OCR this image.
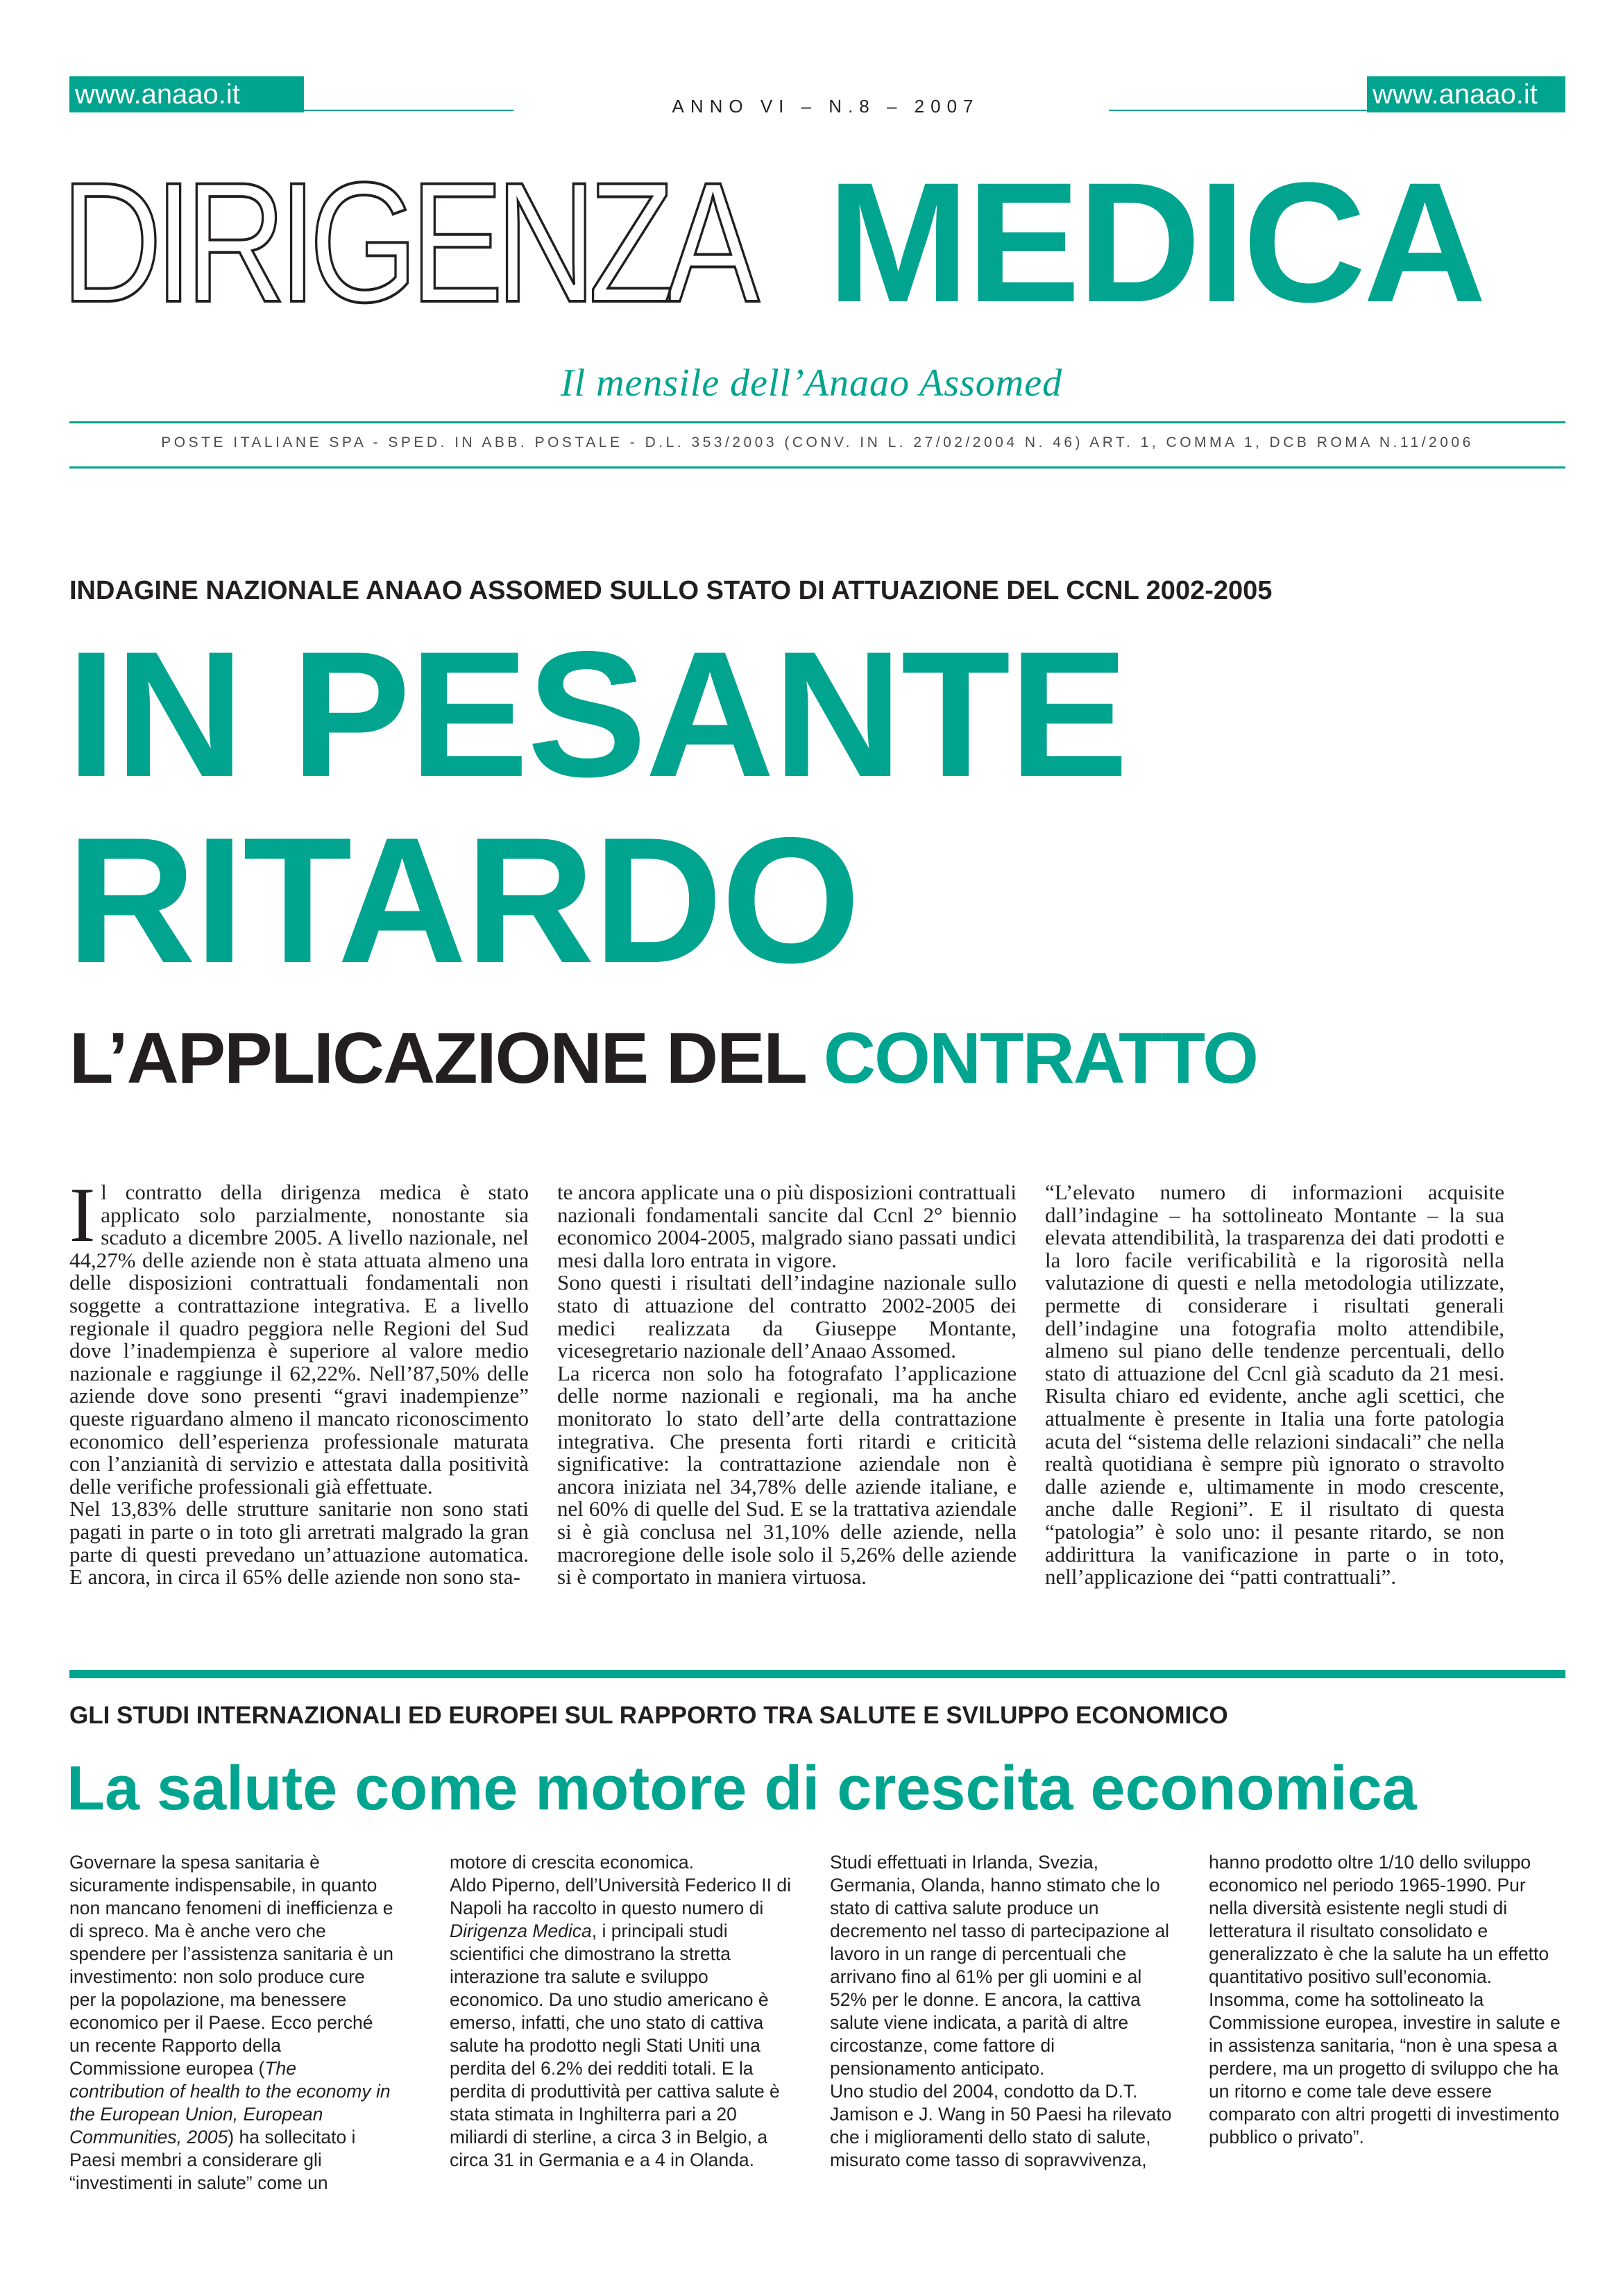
www.anaao.it	ANNO VI – N.8 – 2007	www.anaao.it
DIRIGENZA MEDICA
Il mensile dell’Anaao Assomed
POSTE ITALIANE SPA - SPED. IN ABB. POSTALE - D.L. 353/2003 (CONV. IN L. 27/02/2004 N. 46) ART. 1, COMMA 1, DCB ROMA N.11/2006
INDAGINE NAZIONALE ANAAO ASSOMED SULLO STATO DI ATTUAZIONE DEL CCNL 2002-2005
IN PESANTE
RITARDO
L’APPLICAZIONE DEL CONTRATTO
I l contratto della dirigenza medica è stato applicato solo parzialmente, nonostante sia scaduto a dicembre 2005. A livello nazionale, nel 44,27% delle aziende non è stata attuata almeno una delle disposizioni contrattuali fondamentali non soggette a contrattazione integrativa. E a livello regionale il quadro peggiora nelle Regioni del Sud dove l’inadempienza è superiore al valore medio nazionale e raggiunge il 62,22%. Nell’87,50% delle aziende dove sono presenti “gravi inadempienze” queste riguardano almeno il mancato riconoscimento economico dell’esperienza professionale maturata con l’anzianità di servizio e attestata dalla positività delle verifiche professionali già effettuate.

Nel 13,83% delle strutture sanitarie non sono stati pagati in parte o in toto gli arretrati malgrado la gran parte di questi prevedano un’attuazione automatica. E ancora, in circa il 65% delle aziende non sono sta-

te ancora applicate una o più disposizioni contrattuali nazionali fondamentali sancite dal Ccnl 2° biennio economico 2004-2005, malgrado siano passati undici mesi dalla loro entrata in vigore.

Sono questi i risultati dell’indagine nazionale sullo stato di attuazione del contratto 2002-2005 dei medici realizzata da Giuseppe Montante, vicesegretario nazionale dell’Anaao Assomed.

La ricerca non solo ha fotografato l’applicazione delle norme nazionali e regionali, ma ha anche monitorato lo stato dell’arte della contrattazione integrativa. Che presenta forti ritardi e criticità significative: la contrattazione aziendale non è ancora iniziata nel 34,78% delle aziende italiane, e nel 60% di quelle del Sud. E se la trattativa aziendale si è già conclusa nel 31,10% delle aziende, nella macroregione delle isole solo il 5,26% delle aziende si è comportato in maniera virtuosa.

“L’elevato numero di informazioni acquisite dall’indagine – ha sottolineato Montante – la sua elevata attendibilità, la trasparenza dei dati prodotti e la loro facile verificabilità e la rigorosità nella valutazione di questi e nella metodologia utilizzate, permette di considerare i risultati generali dell’indagine una fotografia molto attendibile, almeno sul piano delle tendenze percentuali, dello stato di attuazione del Ccnl già scaduto da 21 mesi. Risulta chiaro ed evidente, anche agli scettici, che attualmente è presente in Italia una forte patologia acuta del “sistema delle relazioni sindacali” che nella realtà quotidiana è sempre più ignorato o stravolto dalle aziende e, ultimamente in modo crescente, anche dalle Regioni”. E il risultato di questa “patologia” è solo uno: il pesante ritardo, se non addirittura la vanificazione in parte o in toto, nell’applicazione dei “patti contrattuali”.

GLI STUDI INTERNAZIONALI ED EUROPEI SUL RAPPORTO TRA SALUTE E SVILUPPO ECONOMICO
La salute come motore di crescita economica

Governare la spesa sanitaria è sicuramente indispensabile, in quanto non mancano fenomeni di inefficienza e di spreco. Ma è anche vero che spendere per l’assistenza sanitaria è un investimento: non solo produce cure per la popolazione, ma benessere economico per il Paese. Ecco perché un recente Rapporto della Commissione europea (The contribution of health to the economy in the European Union, European Communities, 2005) ha sollecitato i Paesi membri a considerare gli “investimenti in salute” come un

motore di crescita economica.

Aldo Piperno, dell’Università Federico II di Napoli ha raccolto in questo numero di Dirigenza Medica, i principali studi scientifici che dimostrano la stretta interazione tra salute e sviluppo economico. Da uno studio americano è emerso, infatti, che uno stato di cattiva salute ha prodotto negli Stati Uniti una perdita del 6.2% dei redditi totali. E la perdita di produttività per cattiva salute è stata stimata in Inghilterra pari a 20 miliardi di sterline, a circa 3 in Belgio, a circa 31 in Germania e a 4 in Olanda.

Studi effettuati in Irlanda, Svezia, Germania, Olanda, hanno stimato che lo stato di cattiva salute produce un decremento nel tasso di partecipazione al lavoro in un range di percentuali che arrivano fino al 61% per gli uomini e al 52% per le donne. E ancora, la cattiva salute viene indicata, a parità di altre circostanze, come fattore di pensionamento anticipato.

Uno studio del 2004, condotto da D.T. Jamison e J. Wang in 50 Paesi ha rilevato che i miglioramenti dello stato di salute, misurato come tasso di sopravvivenza,

hanno prodotto oltre 1/10 dello sviluppo economico nel periodo 1965-1990. Pur nella diversità esistente negli studi di letteratura il risultato consolidato e generalizzato è che la salute ha un effetto quantitativo positivo sull’economia.

Insomma, come ha sottolineato la Commissione europea, investire in salute e in assistenza sanitaria, “non è una spesa a perdere, ma un progetto di sviluppo che ha un ritorno e come tale deve essere comparato con altri progetti di investimento pubblico o privato”.
